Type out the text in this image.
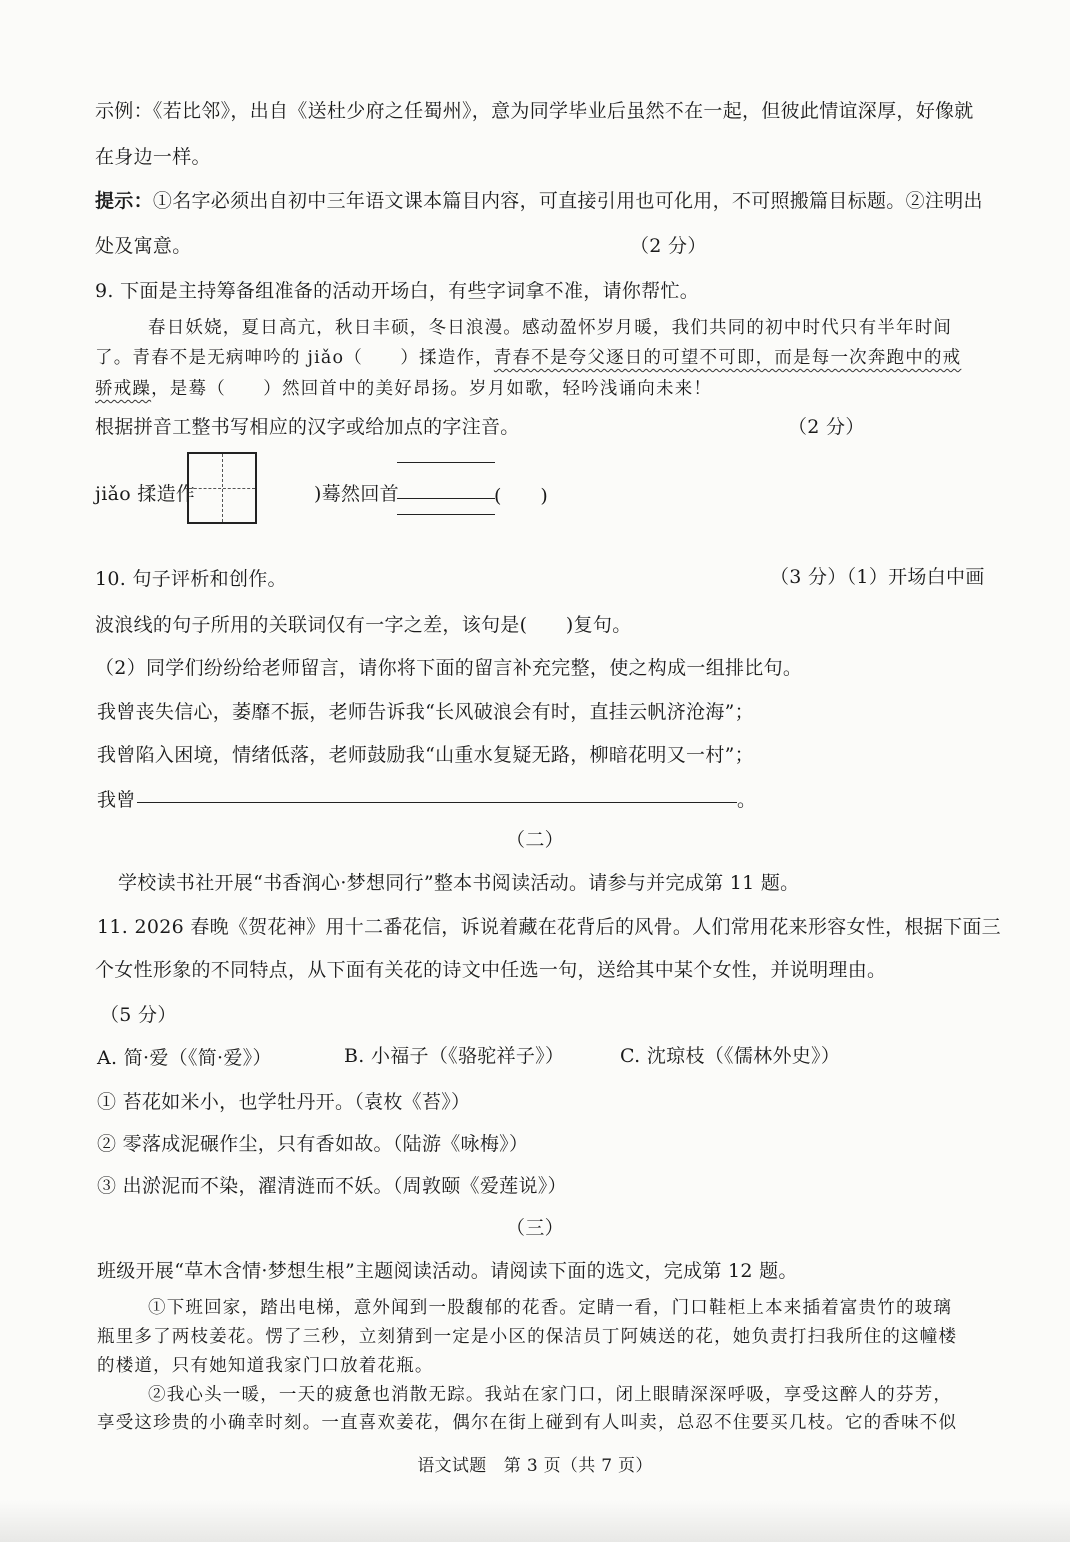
示例：《若比邻》，出自《送杜少府之任蜀州》，意为同学毕业后虽然不在一起，但彼此情谊深厚，好像就
在身边一样。
提示：①名字必须出自初中三年语文课本篇目内容，可直接引用也可化用，不可照搬篇目标题。②注明出
处及寓意。	（2 分）
9. 下面是主持筹备组准备的活动开场白，有些字词拿不准，请你帮忙。
春日妖娆，夏日高亢，秋日丰硕，冬日浪漫。感动盈怀岁月暖，我们共同的初中时代只有半年时间
了。青春不是无病呻吟的 jiǎo（　　）揉造作，青春不是夸父逐日的可望不可即，而是每一次奔跑中的戒
骄戒躁，是蓦（　　）然回首中的美好昂扬。岁月如歌，轻吟浅诵向未来！
根据拼音工整书写相应的汉字或给加点的字注音。	（2 分）
jiǎo 揉造作	)蓦然回首	(　　)
10. 句子评析和创作。	（3 分）（1）开场白中画
波浪线的句子所用的关联词仅有一字之差，该句是(　　)复句。
（2）同学们纷纷给老师留言，请你将下面的留言补充完整，使之构成一组排比句。
我曾丧失信心，萎靡不振，老师告诉我“长风破浪会有时，直挂云帆济沧海”；
我曾陷入困境，情绪低落，老师鼓励我“山重水复疑无路，柳暗花明又一村”；
我曾	。
（二）
学校读书社开展“书香润心·梦想同行”整本书阅读活动。请参与并完成第 11 题。
11. 2026 春晚《贺花神》用十二番花信，诉说着藏在花背后的风骨。人们常用花来形容女性，根据下面三
个女性形象的不同特点，从下面有关花的诗文中任选一句，送给其中某个女性，并说明理由。
（5 分）
A. 简·爱（《简·爱》）	B. 小福子（《骆驼祥子》）	C. 沈琼枝（《儒林外史》）
① 苔花如米小，也学牡丹开。（袁枚《苔》）
② 零落成泥碾作尘，只有香如故。（陆游《咏梅》）
③ 出淤泥而不染，濯清涟而不妖。（周敦颐《爱莲说》）
（三）
班级开展“草木含情·梦想生根”主题阅读活动。请阅读下面的选文，完成第 12 题。
①下班回家，踏出电梯，意外闻到一股馥郁的花香。定睛一看，门口鞋柜上本来插着富贵竹的玻璃
瓶里多了两枝姜花。愣了三秒，立刻猜到一定是小区的保洁员丁阿姨送的花，她负责打扫我所住的这幢楼
的楼道，只有她知道我家门口放着花瓶。
②我心头一暖，一天的疲惫也消散无踪。我站在家门口，闭上眼睛深深呼吸，享受这醉人的芬芳，
享受这珍贵的小确幸时刻。一直喜欢姜花，偶尔在街上碰到有人叫卖，总忍不住要买几枝。它的香味不似
语文试题　第 3 页（共 7 页）
